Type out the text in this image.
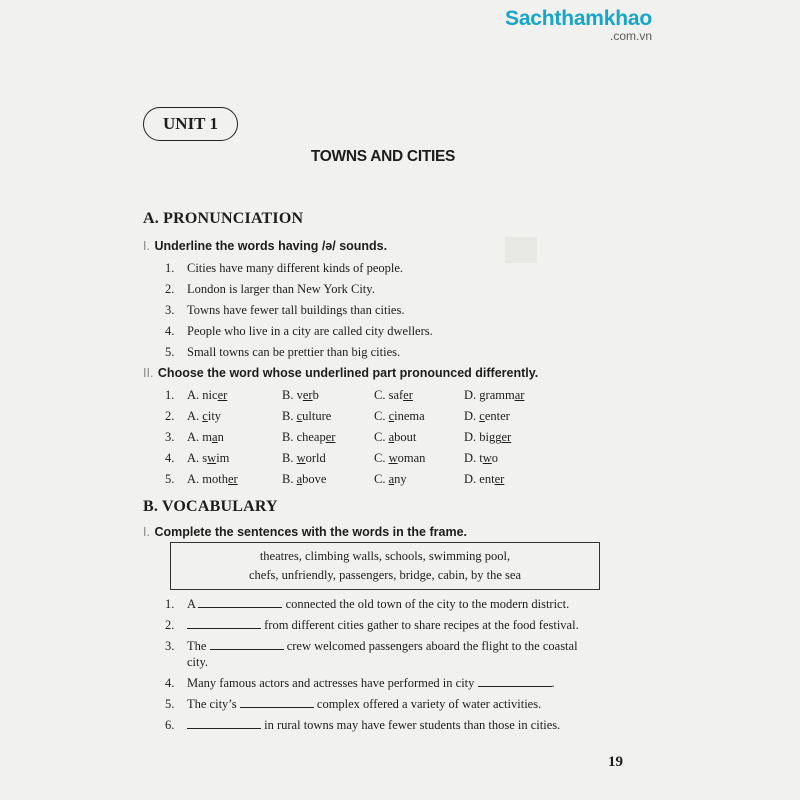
Sachthamkhao
.com.vn
UNIT 1
TOWNS AND CITIES
A. PRONUNCIATION
I. Underline the words having /ə/ sounds.
1. Cities have many different kinds of people.
2. London is larger than New York City.
3. Towns have fewer tall buildings than cities.
4. People who live in a city are called city dwellers.
5. Small towns can be prettier than big cities.
II. Choose the word whose underlined part pronounced differently.
1. A. nicer	B. verb	C. safer	D. grammar
2. A. city	B. culture	C. cinema	D. center
3. A. man	B. cheaper	C. about	D. bigger
4. A. swim	B. world	C. woman	D. two
5. A. mother	B. above	C. any	D. enter
B. VOCABULARY
I. Complete the sentences with the words in the frame.
theatres, climbing walls, schools, swimming pool,
chefs, unfriendly, passengers, bridge, cabin, by the sea
1. A	connected the old town of the city to the modern district.
2.	from different cities gather to share recipes at the food festival.
3. The	crew welcomed passengers aboard the flight to the coastal
city.
4. Many famous actors and actresses have performed in city	.
5. The city’s	complex offered a variety of water activities.
6.	in rural towns may have fewer students than those in cities.
19
